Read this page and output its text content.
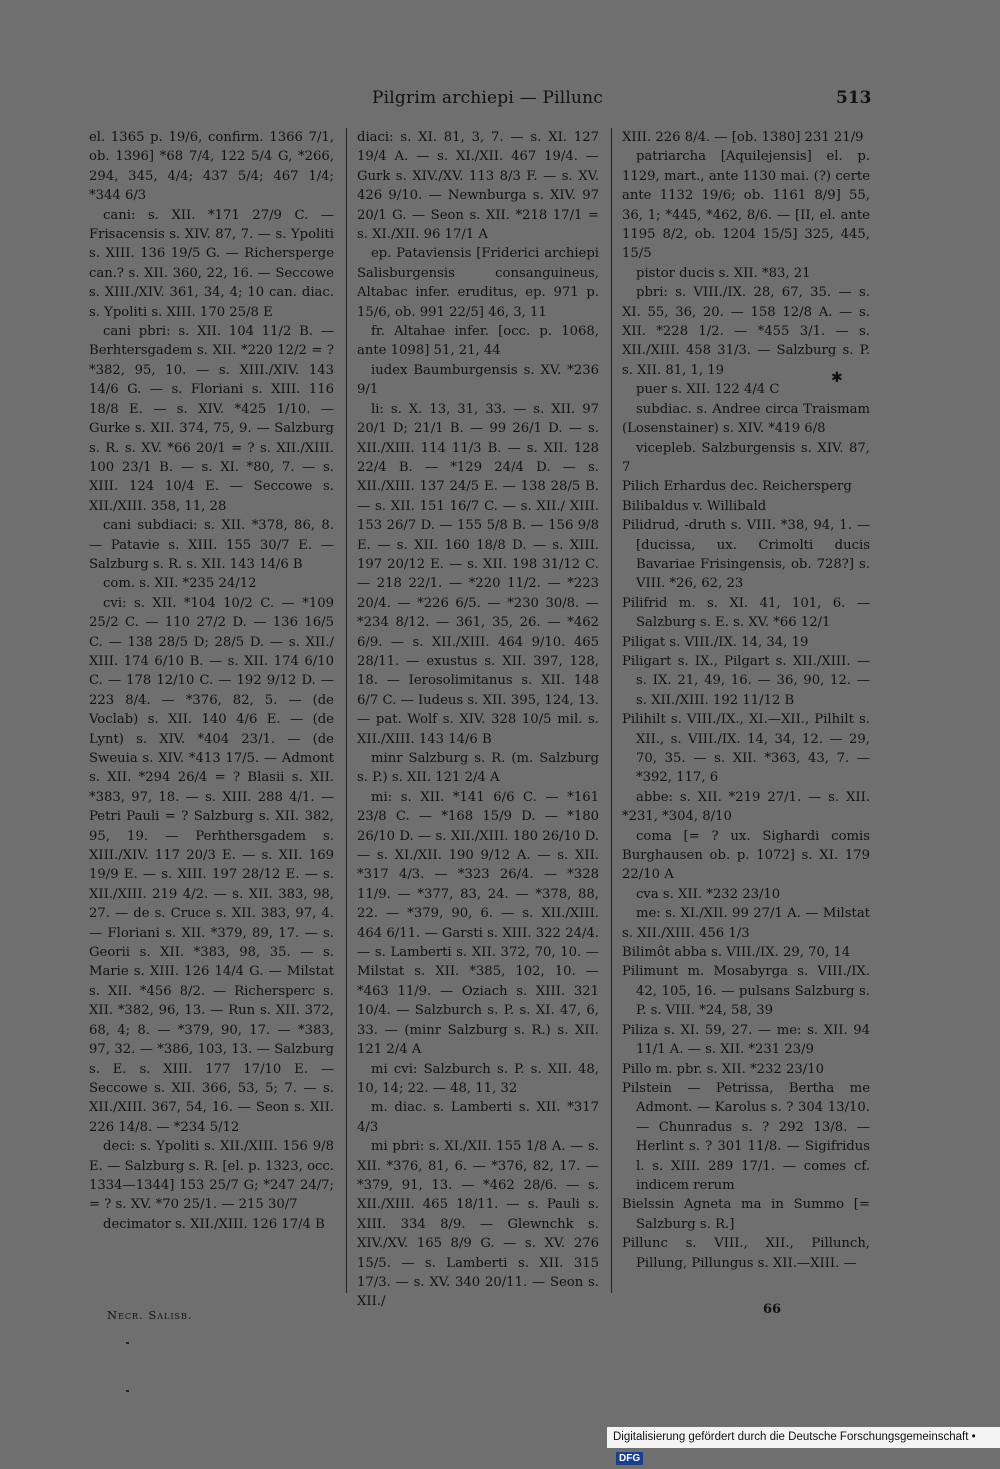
Pilgrim archiepi — Pillunc	513

el. 1365 p. 19/6, confirm. 1366 7/1, ob. 1396] *68 7/4, 122 5/4 G, *266, 294, 345, 4/4; 437 5/4; 467 1/4; *344 6/3

cani: s. XII. *171 27/9 C. — Frisacensis s. XIV. 87, 7. — s. Ypoliti s. XIII. 136 19/5 G. — Richersperge can.? s. XII. 360, 22, 16. — Seccowe s. XIII./XIV. 361, 34, 4; 10 can. diac. s. Ypoliti s. XIII. 170 25/8 E

cani pbri: s. XII. 104 11/2 B. — Berhtersgadem s. XII. *220 12/2 = ? *382, 95, 10. — s. XIII./XIV. 143 14/6 G. — s. Floriani s. XIII. 116 18/8 E. — s. XIV. *425 1/10. — Gurke s. XII. 374, 75, 9. — Salzburg s. R. s. XV. *66 20/1 = ? s. XII./XIII. 100 23/1 B. — s. XI. *80, 7. — s. XIII. 124 10/4 E. — Seccowe s. XII./XIII. 358, 11, 28

cani subdiaci: s. XII. *378, 86, 8. — Patavie s. XIII. 155 30/7 E. — Salzburg s. R. s. XII. 143 14/6 B

com. s. XII. *235 24/12

cvi: s. XII. *104 10/2 C. — *109 25/2 C. — 110 27/2 D. — 136 16/5 C. — 138 28/5 D; 28/5 D. — s. XII./ XIII. 174 6/10 B. — s. XII. 174 6/10 C. — 178 12/10 C. — 192 9/12 D. — 223 8/4. — *376, 82, 5. — (de Voclab) s. XII. 140 4/6 E. — (de Lynt) s. XIV. *404 23/1. — (de Sweuia s. XIV. *413 17/5. — Admont s. XII. *294 26/4 = ? Blasii s. XII. *383, 97, 18. — s. XIII. 288 4/1. — Petri Pauli = ? Salzburg s. XII. 382, 95, 19. — Perhthersgadem s. XIII./XIV. 117 20/3 E. — s. XII. 169 19/9 E. — s. XIII. 197 28/12 E. — s. XII./XIII. 219 4/2. — s. XII. 383, 98, 27. — de s. Cruce s. XII. 383, 97, 4. — Floriani s. XII. *379, 89, 17. — s. Georii s. XII. *383, 98, 35. — s. Marie s. XIII. 126 14/4 G. — Milstat s. XII. *456 8/2. — Richersperc s. XII. *382, 96, 13. — Run s. XII. 372, 68, 4; 8. — *379, 90, 17. — *383, 97, 32. — *386, 103, 13. — Salzburg s. E. s. XIII. 177 17/10 E. — Seccowe s. XII. 366, 53, 5; 7. — s. XII./XIII. 367, 54, 16. — Seon s. XII. 226 14/8. — *234 5/12

deci: s. Ypoliti s. XII./XIII. 156 9/8 E. — Salzburg s. R. [el. p. 1323, occ. 1334—1344] 153 25/7 G; *247 24/7; = ? s. XV. *70 25/1. — 215 30/7

decimator s. XII./XIII. 126 17/4 B

diaci: s. XI. 81, 3, 7. — s. XI. 127 19/4 A. — s. XI./XII. 467 19/4. — Gurk s. XIV./XV. 113 8/3 F. — s. XV. 426 9/10. — Newnburga s. XIV. 97 20/1 G. — Seon s. XII. *218 17/1 = s. XI./XII. 96 17/1 A

ep. Pataviensis [Friderici archiepi Salisburgensis consanguineus, Altabac infer. eruditus, ep. 971 p. 15/6, ob. 991 22/5] 46, 3, 11

fr. Altahae infer. [occ. p. 1068, ante 1098] 51, 21, 44

iudex Baumburgensis s. XV. *236 9/1

li: s. X. 13, 31, 33. — s. XII. 97 20/1 D; 21/1 B. — 99 26/1 D. — s. XII./XIII. 114 11/3 B. — s. XII. 128 22/4 B. — *129 24/4 D. — s. XII./XIII. 137 24/5 E. — 138 28/5 B. — s. XII. 151 16/7 C. — s. XII./ XIII. 153 26/7 D. — 155 5/8 B. — 156 9/8 E. — s. XII. 160 18/8 D. — s. XIII. 197 20/12 E. — s. XII. 198 31/12 C. — 218 22/1. — *220 11/2. — *223 20/4. — *226 6/5. — *230 30/8. — *234 8/12. — 361, 35, 26. — *462 6/9. — s. XII./XIII. 464 9/10. 465 28/11. — exustus s. XII. 397, 128, 18. — Ierosolimitanus s. XII. 148 6/7 C. — Iudeus s. XII. 395, 124, 13. — pat. Wolf s. XIV. 328 10/5 mil. s. XII./XIII. 143 14/6 B

minr Salzburg s. R. (m. Salzburg s. P.) s. XII. 121 2/4 A

mi: s. XII. *141 6/6 C. — *161 23/8 C. — *168 15/9 D. — *180 26/10 D. — s. XII./XIII. 180 26/10 D. — s. XI./XII. 190 9/12 A. — s. XII. *317 4/3. — *323 26/4. — *328 11/9. — *377, 83, 24. — *378, 88, 22. — *379, 90, 6. — s. XII./XIII. 464 6/11. — Garsti s. XIII. 322 24/4. — s. Lamberti s. XII. 372, 70, 10. — Milstat s. XII. *385, 102, 10. — *463 11/9. — Oziach s. XIII. 321 10/4. — Salzburch s. P. s. XI. 47, 6, 33. — (minr Salzburg s. R.) s. XII. 121 2/4 A

mi cvi: Salzburch s. P. s. XII. 48, 10, 14; 22. — 48, 11, 32

m. diac. s. Lamberti s. XII. *317 4/3

mi pbri: s. XI./XII. 155 1/8 A. — s. XII. *376, 81, 6. — *376, 82, 17. — *379, 91, 13. — *462 28/6. — s. XII./XIII. 465 18/11. — s. Pauli s. XIII. 334 8/9. — Glewnchk s. XIV./XV. 165 8/9 G. — s. XV. 276 15/5. — s. Lamberti s. XII. 315 17/3. — s. XV. 340 20/11. — Seon s. XII./

XIII. 226 8/4. — [ob. 1380] 231 21/9

patriarcha [Aquilejensis] el. p. 1129, mart., ante 1130 mai. (?) certe ante 1132 19/6; ob. 1161 8/9] 55, 36, 1; *445, *462, 8/6. — [II, el. ante 1195 8/2, ob. 1204 15/5] 325, 445, 15/5

pistor ducis s. XII. *83, 21

pbri: s. VIII./IX. 28, 67, 35. — s. XI. 55, 36, 20. — 158 12/8 A. — s. XII. *228 1/2. — *455 3/1. — s. XII./XIII. 458 31/3. — Salzburg s. P. s. XII. 81, 1, 19

puer s. XII. 122 4/4 C

subdiac. s. Andree circa Traismam (Losenstainer) s. XIV. *419 6/8

vicepleb. Salzburgensis s. XIV. 87, 7

Pilich Erhardus dec. Reichersperg

Bilibaldus v. Willibald

Pilidrud, -druth s. VIII. *38, 94, 1. — [ducissa, ux. Crimolti ducis Bavariae Frisingensis, ob. 728?] s. VIII. *26, 62, 23

Pilifrid m. s. XI. 41, 101, 6. — Salzburg s. E. s. XV. *66 12/1

Piligat s. VIII./IX. 14, 34, 19

Piligart s. IX., Pilgart s. XII./XIII. — s. IX. 21, 49, 16. — 36, 90, 12. — s. XII./XIII. 192 11/12 B

Pilihilt s. VIII./IX., XI.—XII., Pilhilt s. XII., s. VIII./IX. 14, 34, 12. — 29, 70, 35. — s. XII. *363, 43, 7. — *392, 117, 6

abbe: s. XII. *219 27/1. — s. XII. *231, *304, 8/10

coma [= ? ux. Sighardi comis Burghausen ob. p. 1072] s. XI. 179 22/10 A

cva s. XII. *232 23/10

me: s. XI./XII. 99 27/1 A. — Milstat s. XII./XIII. 456 1/3

Bilimôt abba s. VIII./IX. 29, 70, 14

Pilimunt m. Mosabyrga s. VIII./IX. 42, 105, 16. — pulsans Salzburg s. P. s. VIII. *24, 58, 39

Piliza s. XI. 59, 27. — me: s. XII. 94 11/1 A. — s. XII. *231 23/9

Pillo m. pbr. s. XII. *232 23/10

Pilstein — Petrissa, Bertha me Admont. — Karolus s. ? 304 13/10. — Chunradus s. ? 292 13/8. — Herlint s. ? 301 11/8. — Sigifridus l. s. XIII. 289 17/1. — comes cf. indicem rerum

Bielssin Agneta ma in Summo [= Salzburg s. R.]

Pillunc s. VIII., XII., Pillunch, Pillung, Pillungus s. XII.—XIII. —

✱
Necr. Salisb.	66
Digitalisierung gefördert durch die Deutsche Forschungsgemeinschaft • DFG
